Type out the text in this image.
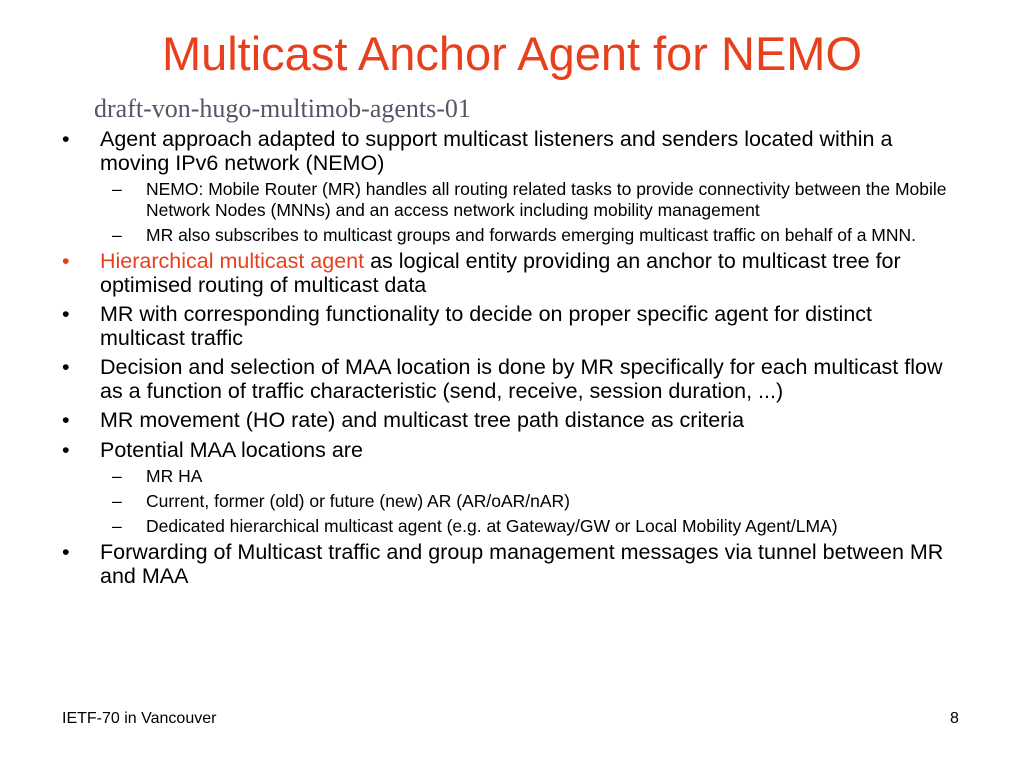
Multicast Anchor Agent for NEMO
draft-von-hugo-multimob-agents-01
•	Agent approach adapted to support multicast listeners and senders located within a moving IPv6 network (NEMO)
– NEMO: Mobile Router (MR) handles all routing related tasks to provide connectivity between the Mobile Network Nodes (MNNs) and an access network including mobility management
– MR also subscribes to multicast groups and forwards emerging multicast traffic on behalf of a MNN.
•	Hierarchical multicast agent as logical entity providing an anchor to multicast tree for optimised routing of multicast data
•	MR with corresponding functionality to decide on proper specific agent for distinct multicast traffic
•	Decision and selection of MAA location is done by MR specifically for each multicast flow as a function of traffic characteristic (send, receive, session duration, ...)
•	MR movement (HO rate) and multicast tree path distance as criteria
•	Potential MAA locations are
– MR HA
– Current, former (old) or future (new) AR (AR/oAR/nAR)
– Dedicated hierarchical multicast agent (e.g. at Gateway/GW or Local Mobility Agent/LMA)
•	Forwarding of Multicast traffic and group management messages via tunnel between MR and MAA
IETF-70 in Vancouver	8
